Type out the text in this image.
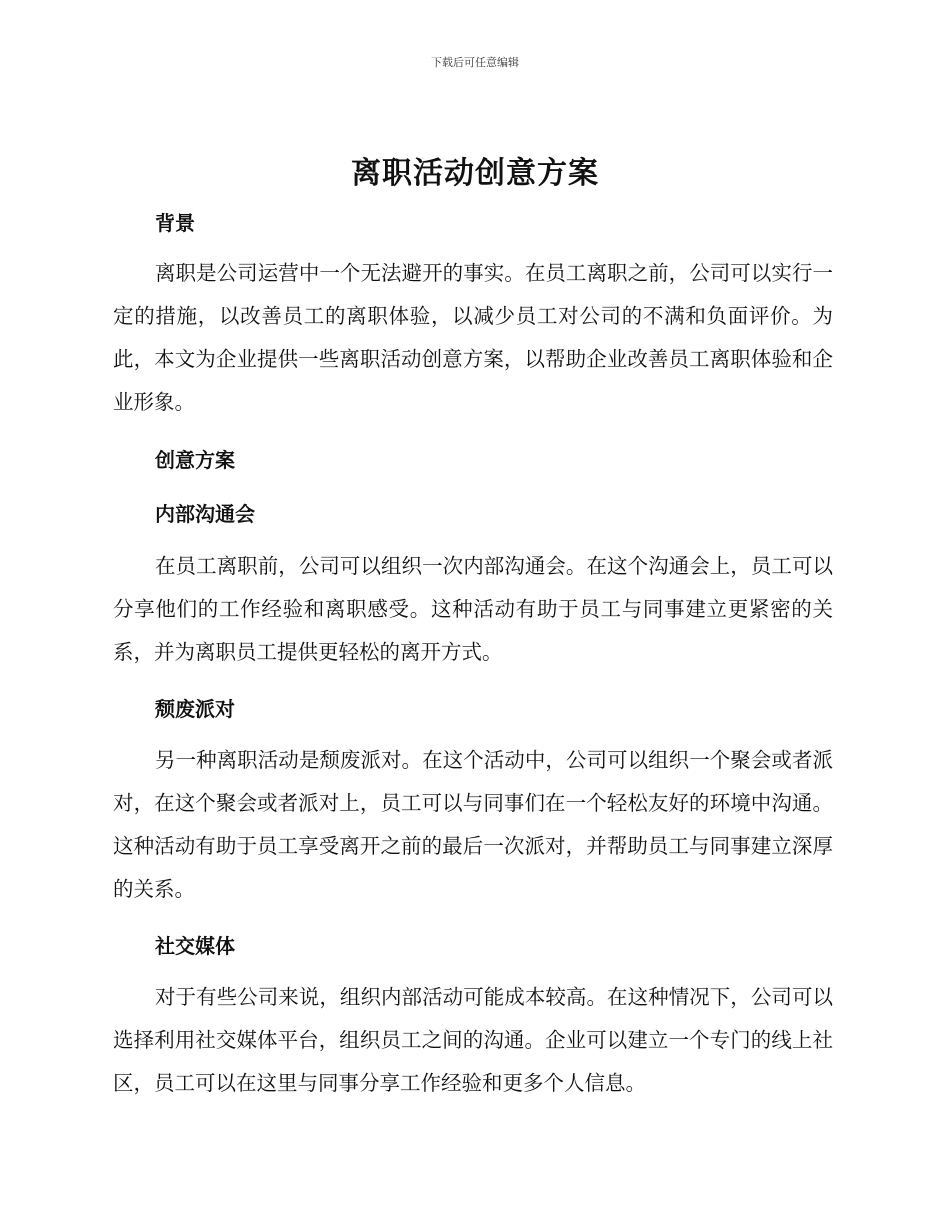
下载后可任意编辑
离职活动创意方案
背景

离职是公司运营中一个无法避开的事实。在员工离职之前，公司可以实行一定的措施，以改善员工的离职体验，以减少员工对公司的不满和负面评价。为此，本文为企业提供一些离职活动创意方案，以帮助企业改善员工离职体验和企业形象。

创意方案
内部沟通会

在员工离职前，公司可以组织一次内部沟通会。在这个沟通会上，员工可以分享他们的工作经验和离职感受。这种活动有助于员工与同事建立更紧密的关系，并为离职员工提供更轻松的离开方式。

颓废派对

另一种离职活动是颓废派对。在这个活动中，公司可以组织一个聚会或者派对，在这个聚会或者派对上，员工可以与同事们在一个轻松友好的环境中沟通。这种活动有助于员工享受离开之前的最后一次派对，并帮助员工与同事建立深厚的关系。

社交媒体

对于有些公司来说，组织内部活动可能成本较高。在这种情况下，公司可以选择利用社交媒体平台，组织员工之间的沟通。企业可以建立一个专门的线上社区，员工可以在这里与同事分享工作经验和更多个人信息。
